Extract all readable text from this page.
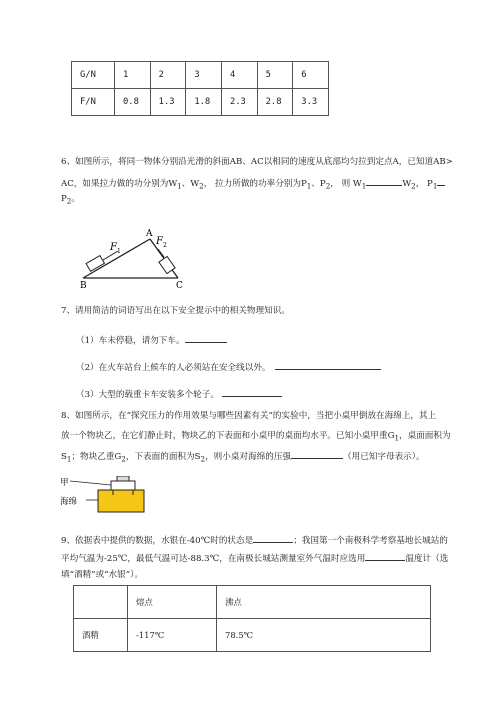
G/N	1	2	3	4	5	6
F/N	0.8	1.3	1.8	2.3	2.8	3.3
6、如图所示，将同一物体分别沿光滑的斜面AB、AC以相同的速度从底部均匀拉到定点A，已知道AB>
AC，如果拉力做的功分别为$W_1$、$W_2$， 拉力所做的功率分别为$P_1$、$P_2$， 则 $W_1$	$W_2$， $P_1$
$P_2$。
A
B	C
F 1
F 2
7、请用简洁的词语写出在以下安全提示中的相关物理知识。
（1）车未停稳，请勿下车。
（2）在火车站台上候车的人必须站在安全线以外。
（3）大型的载重卡车安装多个轮子。
8、如图所示，在“探究压力的作用效果与哪些因素有关”的实验中，当把小桌甲倒放在海绵上，其上
放一个物块乙，在它们静止时，物块乙的下表面和小桌甲的桌面均水平。已知小桌甲重$G_1$，桌面面积为
$S_1$；物块乙重$G_2$，下表面的面积为$S_2$，则小桌对海绵的压强	（用已知字母表示）。
甲
海绵
9、依据表中提供的数据，水银在-40℃时的状态是	；我国第一个南极科学考察基地长城站的
平均气温为-25℃，最低气温可达-88.3℃，在南极长城站测量室外气温时应选用	温度计（选
填“酒精”或“水银”）。
	熔点	沸点
酒精	-117℃	78.5℃
